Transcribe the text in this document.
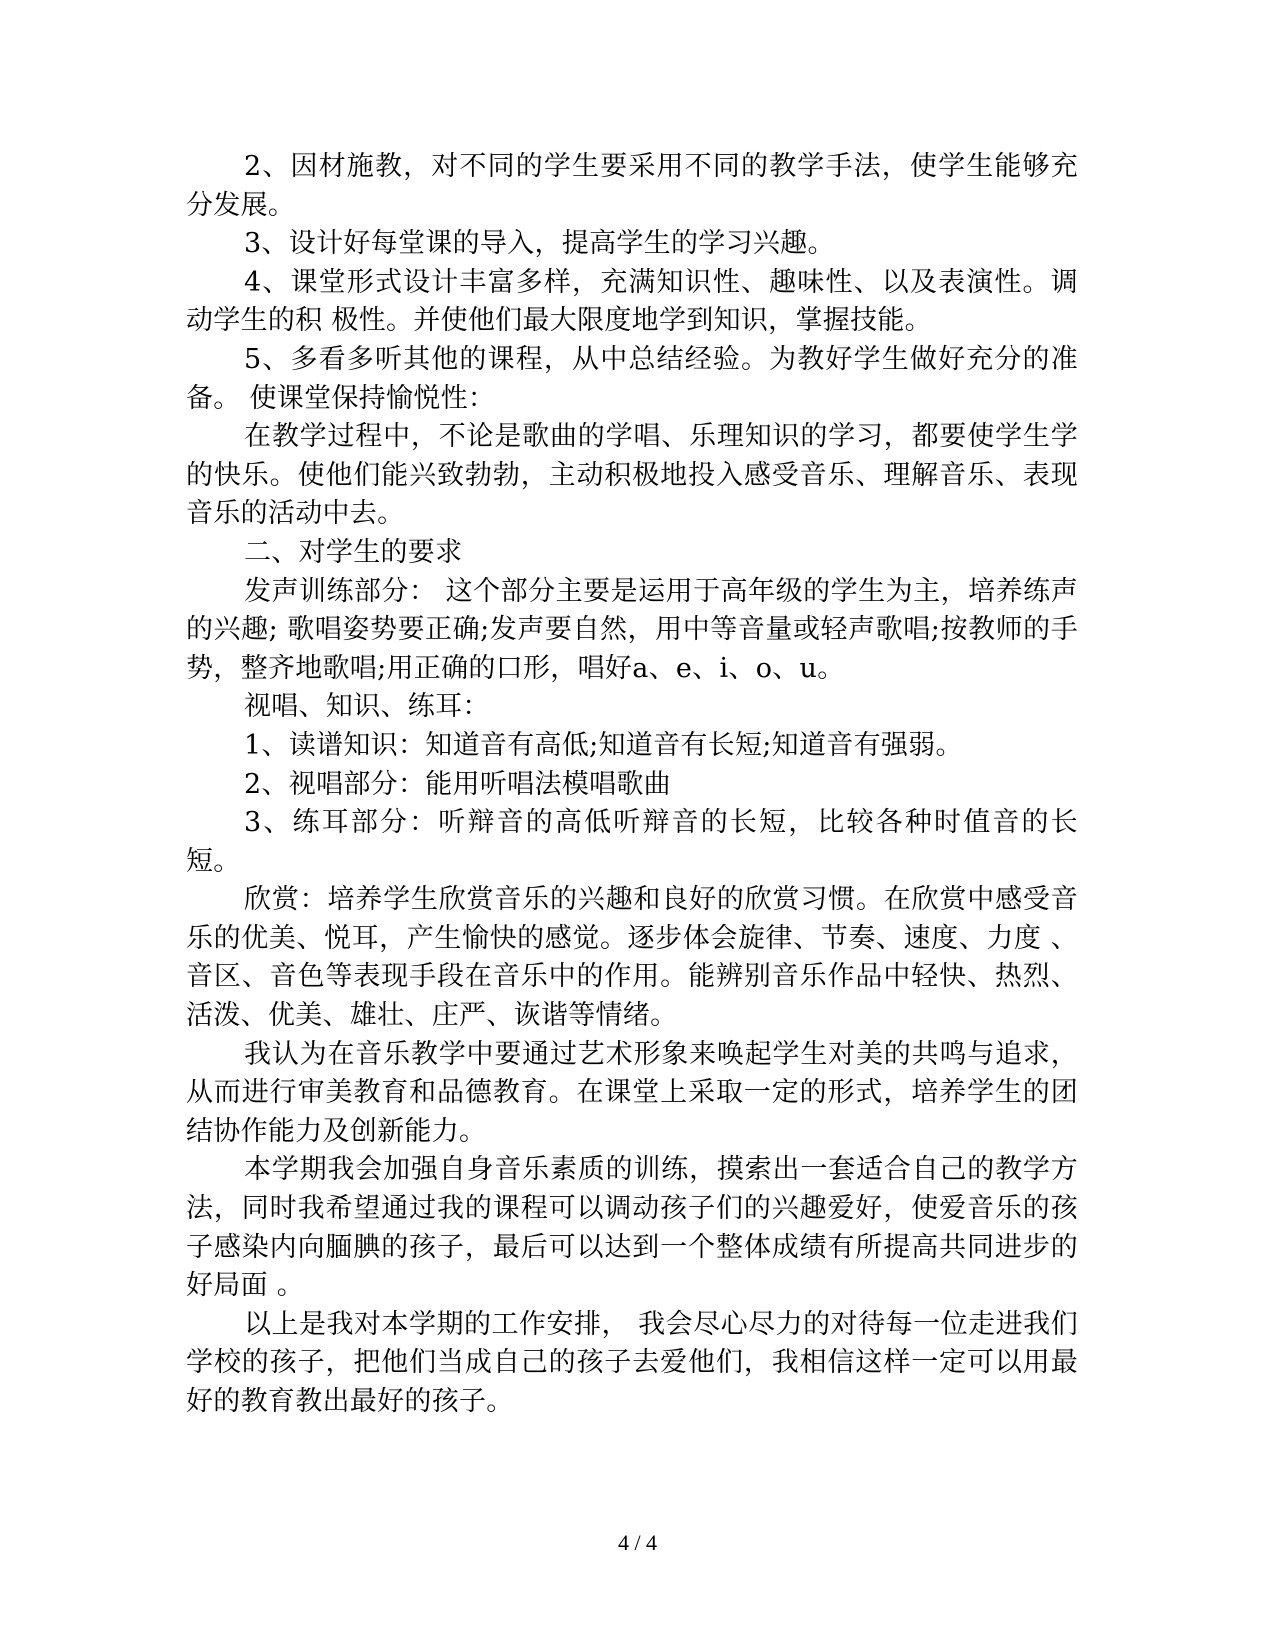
2、因材施教，对不同的学生要采用不同的教学手法，使学生能够充分发展。

3、设计好每堂课的导入，提高学生的学习兴趣。

4、课堂形式设计丰富多样，充满知识性、趣味性、以及表演性。调动学生的积 极性。并使他们最大限度地学到知识，掌握技能。

5、多看多听其他的课程，从中总结经验。为教好学生做好充分的准备。 使课堂保持愉悦性：

在教学过程中，不论是歌曲的学唱、乐理知识的学习，都要使学生学的快乐。使他们能兴致勃勃，主动积极地投入感受音乐、理解音乐、表现音乐的活动中去。

二、对学生的要求

发声训练部分： 这个部分主要是运用于高年级的学生为主，培养练声的兴趣; 歌唱姿势要正确;发声要自然，用中等音量或轻声歌唱;按教师的手势，整齐地歌唱;用正确的口形，唱好a、e、i、o、u。

视唱、知识、练耳：

1、读谱知识：知道音有高低;知道音有长短;知道音有强弱。

2、视唱部分：能用听唱法模唱歌曲

3、练耳部分：听辩音的高低听辩音的长短，比较各种时值音的长短。

欣赏：培养学生欣赏音乐的兴趣和良好的欣赏习惯。在欣赏中感受音乐的优美、悦耳，产生愉快的感觉。逐步体会旋律、节奏、速度、力度 、音区、音色等表现手段在音乐中的作用。能辨别音乐作品中轻快、热烈、活泼、优美、雄壮、庄严、诙谐等情绪。

我认为在音乐教学中要通过艺术形象来唤起学生对美的共鸣与追求，从而进行审美教育和品德教育。在课堂上采取一定的形式，培养学生的团结协作能力及创新能力。

本学期我会加强自身音乐素质的训练，摸索出一套适合自己的教学方法，同时我希望通过我的课程可以调动孩子们的兴趣爱好，使爱音乐的孩子感染内向腼腆的孩子，最后可以达到一个整体成绩有所提高共同进步的好局面 。

以上是我对本学期的工作安排， 我会尽心尽力的对待每一位走进我们学校的孩子，把他们当成自己的孩子去爱他们，我相信这样一定可以用最好的教育教出最好的孩子。

4 / 4
